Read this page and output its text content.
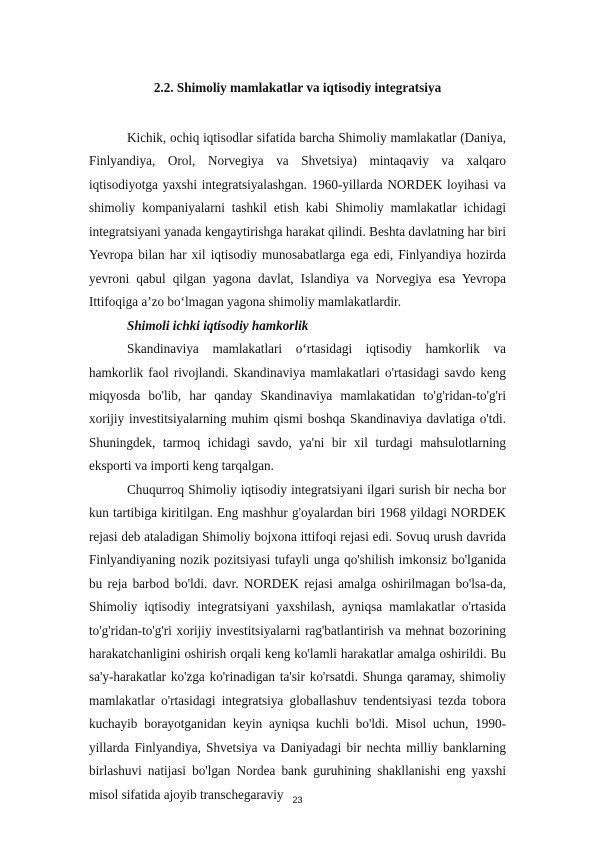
2.2. Shimoliy mamlakatlar va iqtisodiy integratsiya

Kichik, ochiq iqtisodlar sifatida barcha Shimoliy mamlakatlar (Daniya, Finlyandiya, Orol, Norvegiya va Shvetsiya) mintaqaviy va xalqaro iqtisodiyotga yaxshi integratsiyalashgan. 1960-yillarda NORDEK loyihasi va shimoliy kompaniyalarni tashkil etish kabi Shimoliy mamlakatlar ichidagi integratsiyani yanada kengaytirishga harakat qilindi. Beshta davlatning har biri Yevropa bilan har xil iqtisodiy munosabatlarga ega edi, Finlyandiya hozirda yevroni qabul qilgan yagona davlat, Islandiya va Norvegiya esa Yevropa Ittifoqiga a’zo bo‘lmagan yagona shimoliy mamlakatlardir.

Shimoli ichki iqtisodiy hamkorlik

Skandinaviya mamlakatlari o‘rtasidagi iqtisodiy hamkorlik va hamkorlik faol rivojlandi. Skandinaviya mamlakatlari o'rtasidagi savdo keng miqyosda bo'lib, har qanday Skandinaviya mamlakatidan to'g'ridan-to'g'ri xorijiy investitsiyalarning muhim qismi boshqa Skandinaviya davlatiga o'tdi. Shuningdek, tarmoq ichidagi savdo, ya'ni bir xil turdagi mahsulotlarning eksporti va importi keng tarqalgan.

Chuqurroq Shimoliy iqtisodiy integratsiyani ilgari surish bir necha bor kun tartibiga kiritilgan. Eng mashhur g'oyalardan biri 1968 yildagi NORDEK rejasi deb ataladigan Shimoliy bojxona ittifoqi rejasi edi. Sovuq urush davrida Finlyandiyaning nozik pozitsiyasi tufayli unga qo'shilish imkonsiz bo'lganida bu reja barbod bo'ldi. davr. NORDEK rejasi amalga oshirilmagan bo'lsa-da, Shimoliy iqtisodiy integratsiyani yaxshilash, ayniqsa mamlakatlar o'rtasida to'g'ridan-to'g'ri xorijiy investitsiyalarni rag'batlantirish va mehnat bozorining harakatchanligini oshirish orqali keng ko'lamli harakatlar amalga oshirildi. Bu sa'y-harakatlar ko'zga ko'rinadigan ta'sir ko'rsatdi. Shunga qaramay, shimoliy mamlakatlar o'rtasidagi integratsiya globallashuv tendentsiyasi tezda tobora kuchayib borayotganidan keyin ayniqsa kuchli bo'ldi. Misol uchun, 1990-yillarda Finlyandiya, Shvetsiya va Daniyadagi bir nechta milliy banklarning birlashuvi natijasi bo'lgan Nordea bank guruhining shakllanishi eng yaxshi misol sifatida ajoyib transchegaraviy	23
